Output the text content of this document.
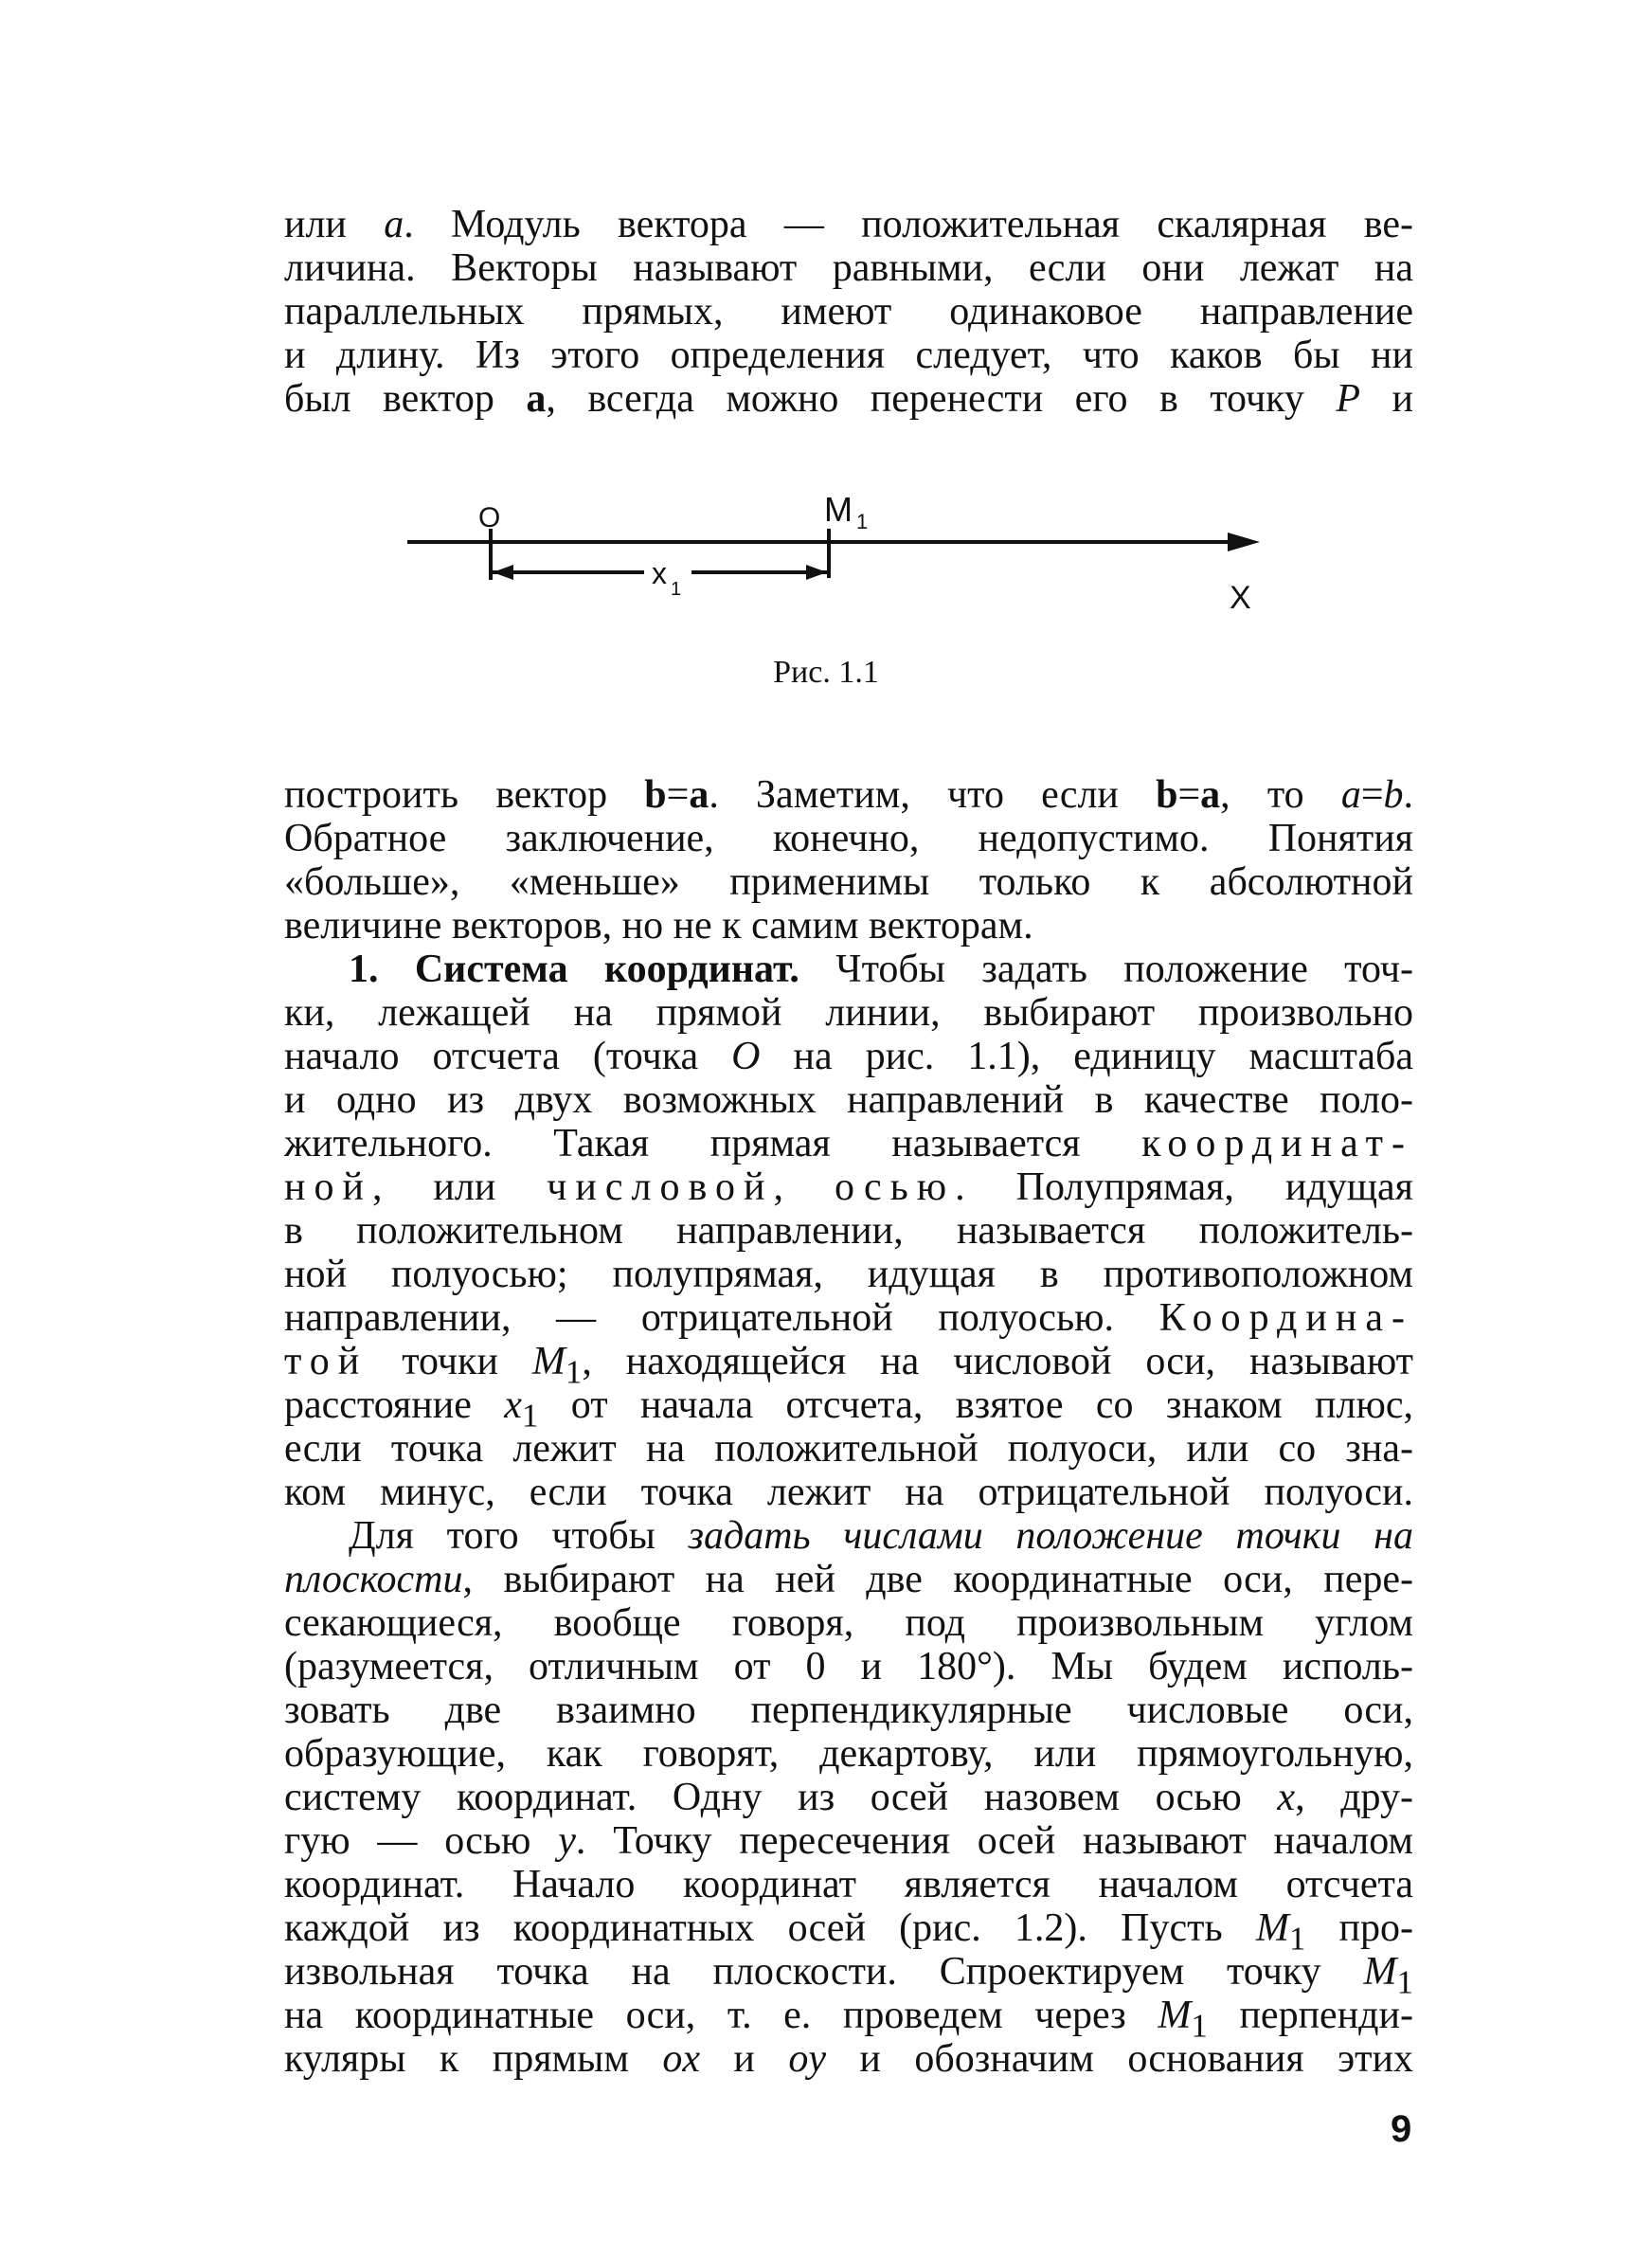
или a. Модуль вектора — положительная скалярная ве-
личина. Векторы называют равными, если они лежат на
параллельных прямых, имеют одинаковое направление
и длину. Из этого определения следует, что каков бы ни
был вектор a, всегда можно перенести его в точку P и
O	M 1
x 1	X
Рис. 1.1
построить вектор b=a. Заметим, что если b=a, то a=b.
Обратное заключение, конечно, недопустимо. Понятия
«больше», «меньше» применимы только к абсолютной
величине векторов, но не к самим векторам.
1. Система координат. Чтобы задать положение точ-
ки, лежащей на прямой линии, выбирают произвольно
начало отсчета (точка O на рис. 1.1), единицу масштаба
и одно из двух возможных направлений в качестве поло-
жительного. Такая прямая называется координат-
ной, или числовой, осью. Полупрямая, идущая
в положительном направлении, называется положитель-
ной полуосью; полупрямая, идущая в противоположном
направлении, — отрицательной полуосью. Координа-
той точки $M_1$, находящейся на числовой оси, называют
расстояние $x_1$ от начала отсчета, взятое со знаком плюс,
если точка лежит на положительной полуоси, или со зна-
ком минус, если точка лежит на отрицательной полуоси.
Для того чтобы задать числами положение точки на
плоскости, выбирают на ней две координатные оси, пере-
секающиеся, вообще говоря, под произвольным углом
(разумеется, отличным от 0 и 180°). Мы будем исполь-
зовать две взаимно перпендикулярные числовые оси,
образующие, как говорят, декартову, или прямоугольную,
систему координат. Одну из осей назовем осью x, дру-
гую — осью y. Точку пересечения осей называют началом
координат. Начало координат является началом отсчета
каждой из координатных осей (рис. 1.2). Пусть $M_1$ про-
извольная точка на плоскости. Спроектируем точку $M_1$
на координатные оси, т. е. проведем через $M_1$ перпенди-
куляры к прямым ox и oy и обозначим основания этих
9
